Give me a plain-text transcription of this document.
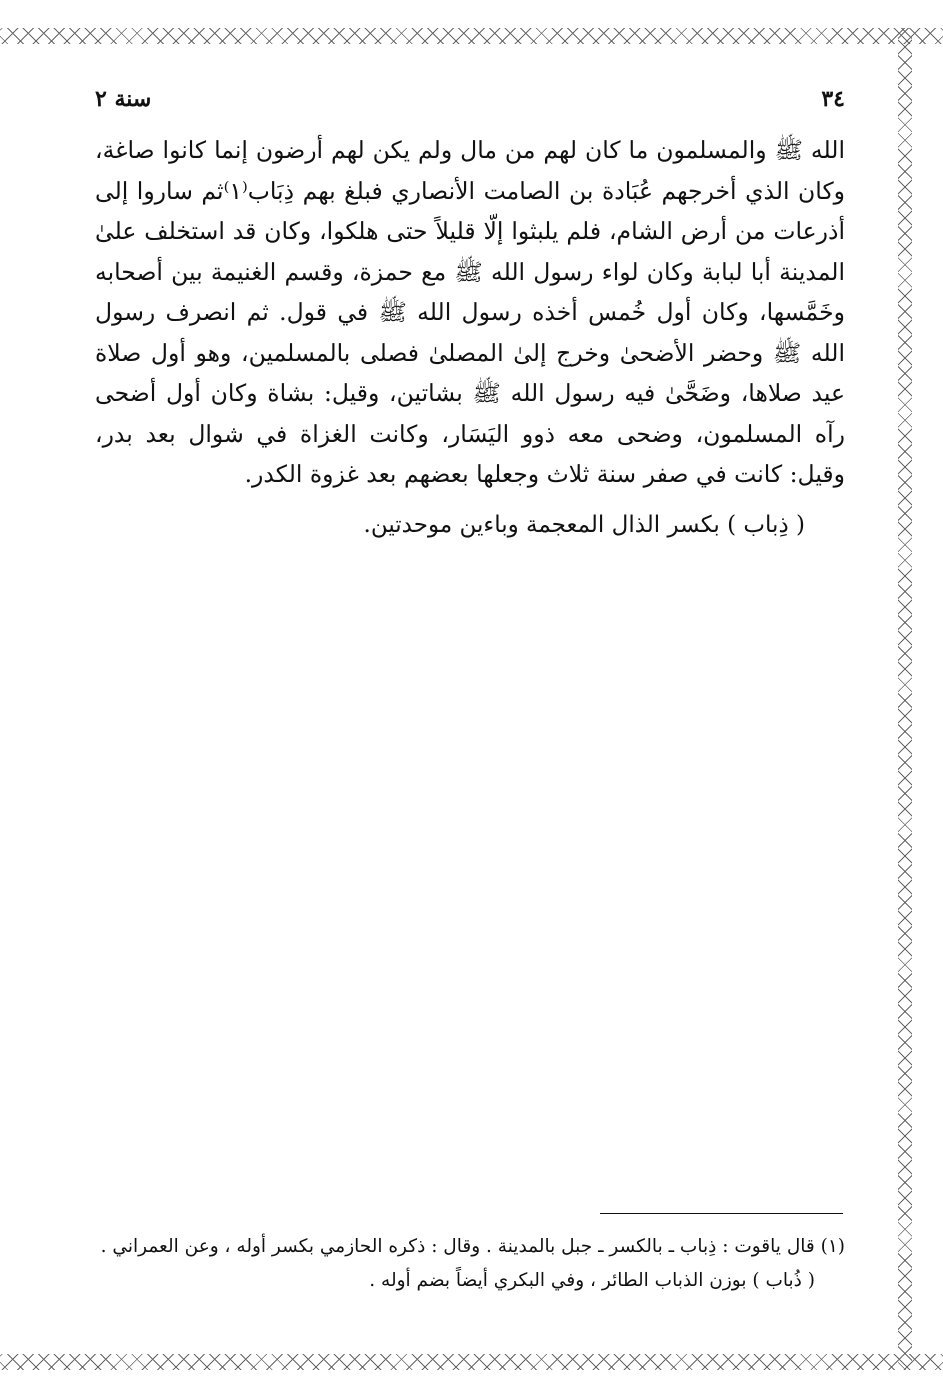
٣٤
سنة ٢

الله ﷺ والمسلمون ما كان لهم من مال ولم يكن لهم أرضون إنما كانوا صاغة، وكان الذي أخرجهم عُبَادة بن الصامت الأنصاري فبلغ بهم ذِبَاب⁽١⁾ثم ساروا إلى أذرعات من أرض الشام، فلم يلبثوا إلّا قليلاً حتى هلكوا، وكان قد استخلف علىٰ المدينة أبا لبابة وكان لواء رسول الله ﷺ مع حمزة، وقسم الغنيمة بين أصحابه وخَمَّسها، وكان أول خُمس أخذه رسول الله ﷺ في قول. ثم انصرف رسول الله ﷺ وحضر الأضحىٰ وخرج إلىٰ المصلىٰ فصلى بالمسلمين، وهو أول صلاة عيد صلاها، وضَحَّىٰ فيه رسول الله ﷺ بشاتين، وقيل: بشاة وكان أول أضحى رآه المسلمون، وضحى معه ذوو اليَسَار، وكانت الغزاة في شوال بعد بدر، وقيل: كانت في صفر سنة ثلاث وجعلها بعضهم بعد غزوة الكدر.

( ذِباب ) بكسر الذال المعجمة وباءين موحدتين.

(١) قال ياقوت : ذِباب ـ بالكسر ـ جبل بالمدينة . وقال : ذكره الحازمي بكسر أوله ، وعن العمراني .

( ذُباب ) بوزن الذباب الطائر ، وفي البكري أيضاً بضم أوله .
